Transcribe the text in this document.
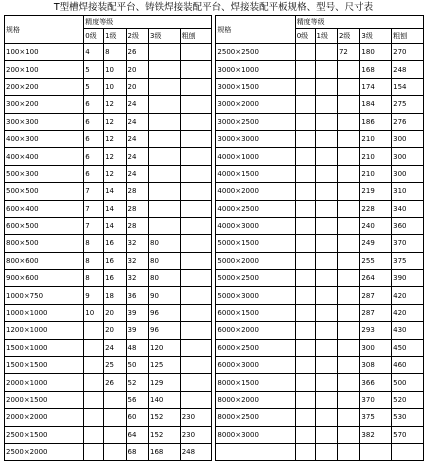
T型槽焊接装配平台、铸铁焊接装配平台、焊接装配平板规格、型号、尺寸表
规格	精度等级						规格	精度等级				
	0级	1级	2级	3级	粗刨			0级	1级	2级	3级	粗刨
100×100	4	8	26				2500×2500			72	180	270
200×100	5	10	20				3000×1000				168	248
200×200	5	10	20				3000×1500				174	154
300×200	6	12	24				3000×2000				184	275
300×300	6	12	24				3000×2500				186	276
400×300	6	12	24				3000×3000				210	300
400×400	6	12	24				4000×1000				210	300
500×300	6	12	24				4000×1500				210	300
500×500	7	14	28				4000×2000				219	310
600×400	7	14	28				4000×2500				228	340
600×500	7	14	28				4000×3000				240	360
800×500	8	16	32	80			5000×1500				249	370
800×600	8	16	32	80			5000×2000				255	375
900×600	8	16	32	80			5000×2500				264	390
1000×750	9	18	36	90			5000×3000				287	420
1000×1000	10	20	39	96			6000×1500				287	420
1200×1000		20	39	96			6000×2000				293	430
1500×1000		24	48	120			6000×2500				300	450
1500×1500		25	50	125			6000×3000				308	460
2000×1000		26	52	129			8000×1500				366	500
2000×1500			56	140			8000×2000				370	520
2000×2000			60	152	230		8000×2500				375	530
2500×1500			64	152	230		8000×3000				382	570
2500×2000			68	168	248							
